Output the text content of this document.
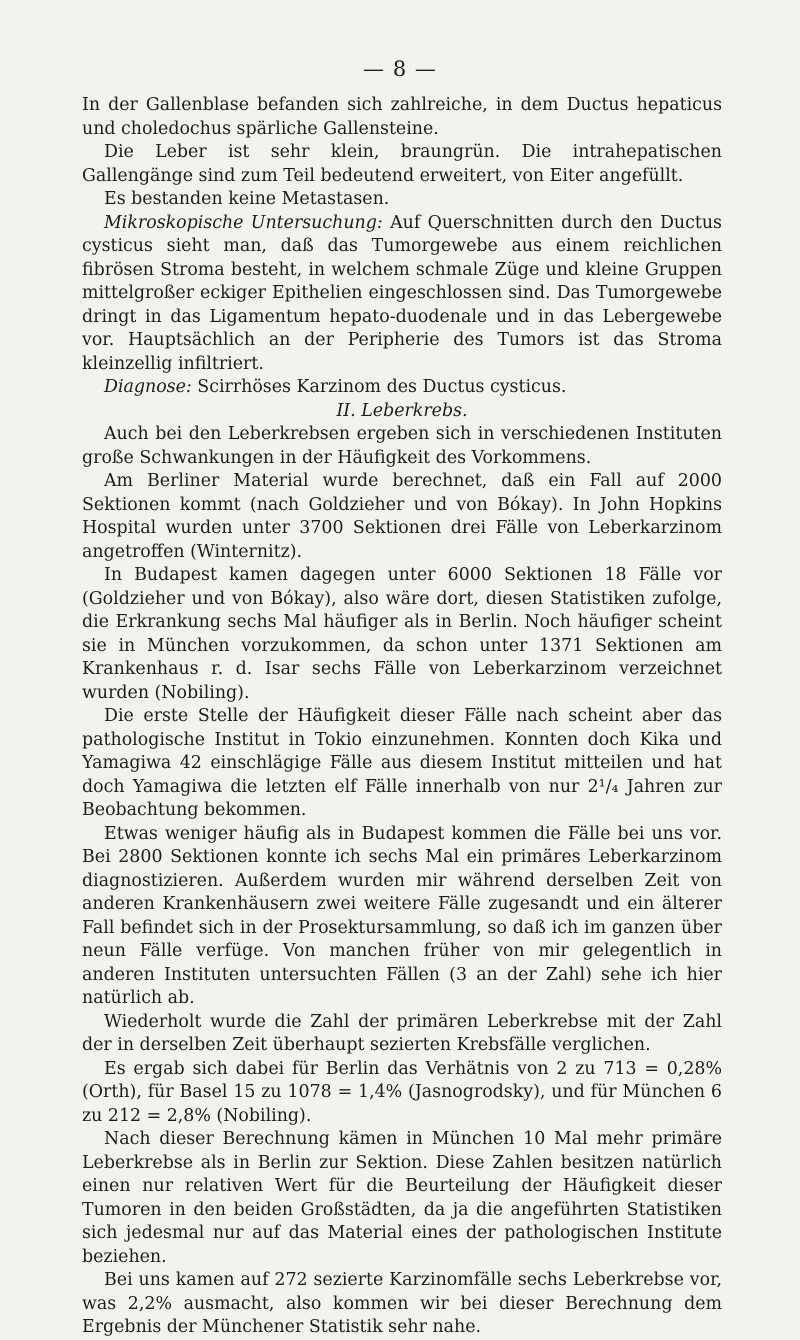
— 8 —

In der Gallenblase befanden sich zahlreiche, in dem Ductus hepaticus und choledochus spärliche Gallensteine.

Die Leber ist sehr klein, braungrün. Die intrahepatischen Gallengänge sind zum Teil bedeutend erweitert, von Eiter angefüllt.

Es bestanden keine Metastasen.

Mikroskopische Untersuchung: Auf Querschnitten durch den Ductus cysticus sieht man, daß das Tumorgewebe aus einem reichlichen fibrösen Stroma besteht, in welchem schmale Züge und kleine Gruppen mittelgroßer eckiger Epithelien eingeschlossen sind. Das Tumorgewebe dringt in das Ligamentum hepato-duodenale und in das Lebergewebe vor. Hauptsächlich an der Peripherie des Tumors ist das Stroma kleinzellig infiltriert.

Diagnose: Scirrhöses Karzinom des Ductus cysticus.

II. Leberkrebs.

Auch bei den Leberkrebsen ergeben sich in verschiedenen Instituten große Schwankungen in der Häufigkeit des Vorkommens.

Am Berliner Material wurde berechnet, daß ein Fall auf 2000 Sektionen kommt (nach Goldzieher und von Bókay). In John Hopkins Hospital wurden unter 3700 Sektionen drei Fälle von Leberkarzinom angetroffen (Winternitz).

In Budapest kamen dagegen unter 6000 Sektionen 18 Fälle vor (Goldzieher und von Bókay), also wäre dort, diesen Statistiken zufolge, die Erkrankung sechs Mal häufiger als in Berlin. Noch häufiger scheint sie in München vorzukommen, da schon unter 1371 Sektionen am Krankenhaus r. d. Isar sechs Fälle von Leberkarzinom verzeichnet wurden (Nobiling).

Die erste Stelle der Häufigkeit dieser Fälle nach scheint aber das pathologische Institut in Tokio einzunehmen. Konnten doch Kika und Yamagiwa 42 einschlägige Fälle aus diesem Institut mitteilen und hat doch Yamagiwa die letzten elf Fälle innerhalb von nur 2¹/₄ Jahren zur Beobachtung bekommen.

Etwas weniger häufig als in Budapest kommen die Fälle bei uns vor. Bei 2800 Sektionen konnte ich sechs Mal ein primäres Leberkarzinom diagnostizieren. Außerdem wurden mir während derselben Zeit von anderen Krankenhäusern zwei weitere Fälle zugesandt und ein älterer Fall befindet sich in der Prosektursammlung, so daß ich im ganzen über neun Fälle verfüge. Von manchen früher von mir gelegentlich in anderen Instituten untersuchten Fällen (3 an der Zahl) sehe ich hier natürlich ab.

Wiederholt wurde die Zahl der primären Leberkrebse mit der Zahl der in derselben Zeit überhaupt sezierten Krebsfälle verglichen.

Es ergab sich dabei für Berlin das Verhätnis von 2 zu 713 = 0,28% (Orth), für Basel 15 zu 1078 = 1,4% (Jasnogrodsky), und für München 6 zu 212 = 2,8% (Nobiling).

Nach dieser Berechnung kämen in München 10 Mal mehr primäre Leberkrebse als in Berlin zur Sektion. Diese Zahlen besitzen natürlich einen nur relativen Wert für die Beurteilung der Häufigkeit dieser Tumoren in den beiden Großstädten, da ja die angeführten Statistiken sich jedesmal nur auf das Material eines der pathologischen Institute beziehen.

Bei uns kamen auf 272 sezierte Karzinomfälle sechs Leberkrebse vor, was 2,2% ausmacht, also kommen wir bei dieser Berechnung dem Ergebnis der Münchener Statistik sehr nahe.
